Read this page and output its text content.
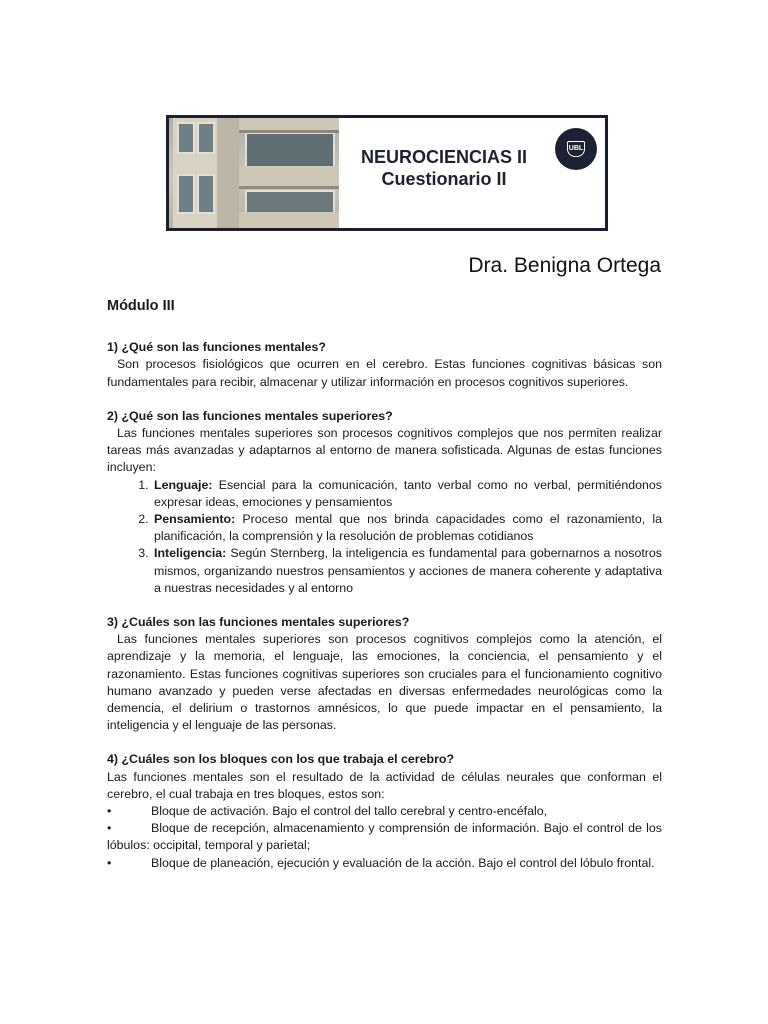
NEUROCIENCIAS II
Cuestionario II
UBL
Dra. Benigna Ortega
Módulo III

1) ¿Qué son las funciones mentales?

Son procesos fisiológicos que ocurren en el cerebro. Estas funciones cognitivas básicas son fundamentales para recibir, almacenar y utilizar información en procesos cognitivos superiores.

2) ¿Qué son las funciones mentales superiores?

Las funciones mentales superiores son procesos cognitivos complejos que nos permiten realizar tareas más avanzadas y adaptarnos al entorno de manera sofisticada. Algunas de estas funciones incluyen:

1. Lenguaje: Esencial para la comunicación, tanto verbal como no verbal, permitiéndonos expresar ideas, emociones y pensamientos
2. Pensamiento: Proceso mental que nos brinda capacidades como el razonamiento, la planificación, la comprensión y la resolución de problemas cotidianos
3. Inteligencia: Según Sternberg, la inteligencia es fundamental para gobernarnos a nosotros mismos, organizando nuestros pensamientos y acciones de manera coherente y adaptativa a nuestras necesidades y al entorno

3) ¿Cuáles son las funciones mentales superiores?

Las funciones mentales superiores son procesos cognitivos complejos como la atención, el aprendizaje y la memoria, el lenguaje, las emociones, la conciencia, el pensamiento y el razonamiento. Estas funciones cognitivas superiores son cruciales para el funcionamiento cognitivo humano avanzado y pueden verse afectadas en diversas enfermedades neurológicas como la demencia, el delirium o trastornos amnésicos, lo que puede impactar en el pensamiento, la inteligencia y el lenguaje de las personas.

4) ¿Cuáles son los bloques con los que trabaja el cerebro?

Las funciones mentales son el resultado de la actividad de células neurales que conforman el cerebro, el cual trabaja en tres bloques, estos son:

•	Bloque de activación. Bajo el control del tallo cerebral y centro-encéfalo,
•	Bloque de recepción, almacenamiento y comprensión de información. Bajo el control de los lóbulos: occipital, temporal y parietal;
•	Bloque de planeación, ejecución y evaluación de la acción. Bajo el control del lóbulo frontal.
